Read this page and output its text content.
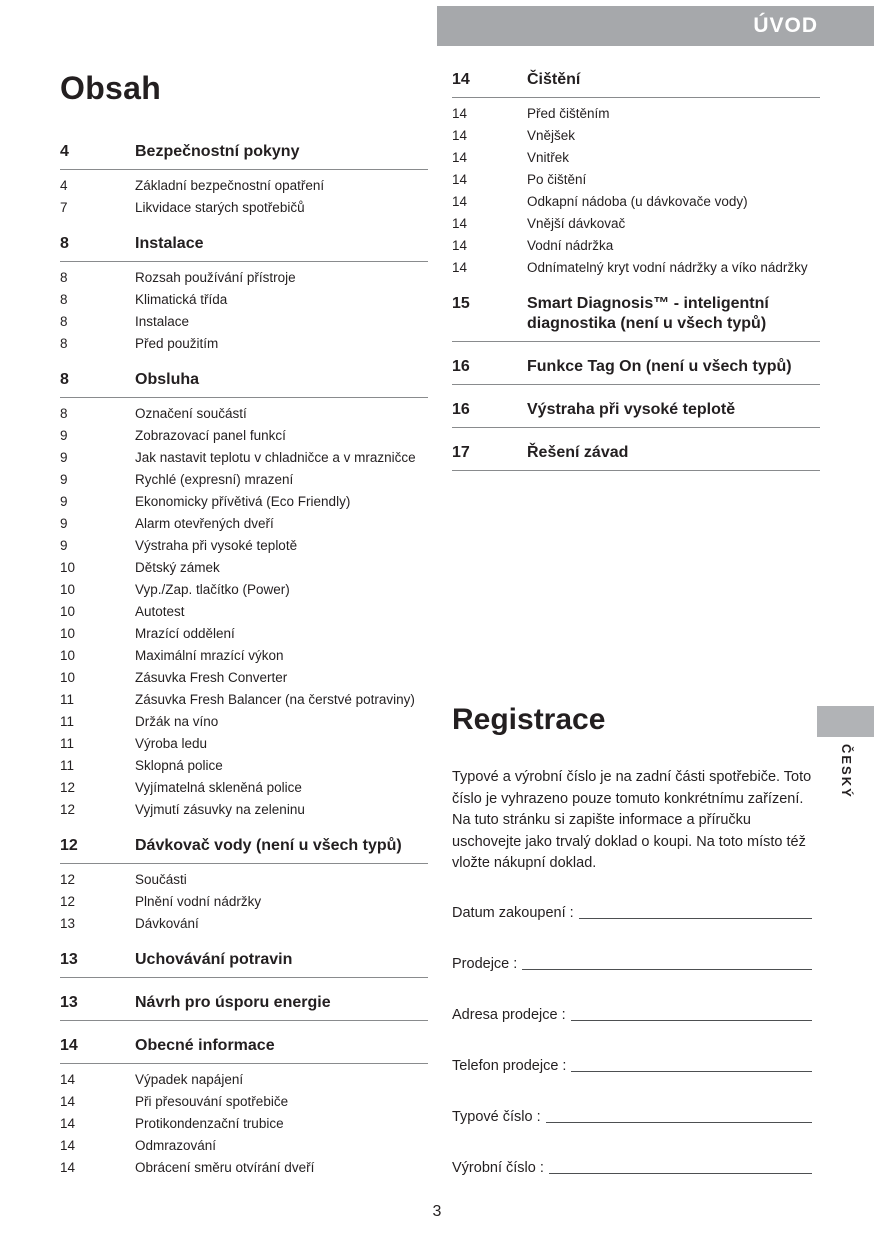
ÚVOD
Obsah
4	Bezpečnostní pokyny
4	Základní bezpečnostní opatření
7	Likvidace starých spotřebičů
8	Instalace
8	Rozsah používání přístroje
8	Klimatická třída
8	Instalace
8	Před použitím
8	Obsluha
8	Označení součástí
9	Zobrazovací panel funkcí
9	Jak nastavit teplotu v chladničce a v mrazničce
9	Rychlé (expresní) mrazení
9	Ekonomicky přívětivá (Eco Friendly)
9	Alarm otevřených dveří
9	Výstraha při vysoké teplotě
10	Dětský zámek
10	Vyp./Zap. tlačítko (Power)
10	Autotest
10	Mrazící oddělení
10	Maximální mrazící výkon
10	Zásuvka Fresh Converter
11	Zásuvka Fresh Balancer (na čerstvé potraviny)
11	Držák na víno
11	Výroba ledu
11	Sklopná police
12	Vyjímatelná skleněná police
12	Vyjmutí zásuvky na zeleninu
12	Dávkovač vody (není u všech typů)
12	Součásti
12	Plnění vodní nádržky
13	Dávkování
13	Uchovávání potravin
13	Návrh pro úsporu energie
14	Obecné informace
14	Výpadek napájení
14	Při přesouvání spotřebiče
14	Protikondenzační trubice
14	Odmrazování
14	Obrácení směru otvírání dveří
14	Čištění
14	Před čištěním
14	Vnějšek
14	Vnitřek
14	Po čištění
14	Odkapní nádoba (u dávkovače vody)
14	Vnější dávkovač
14	Vodní nádržka
14	Odnímatelný kryt vodní nádržky a víko nádržky
15	Smart Diagnosis™ - inteligentní diagnostika (není u všech typů)
16	Funkce Tag On (není u všech typů)
16	Výstraha při vysoké teplotě
17	Řešení závad
Registrace

Typové a výrobní číslo je na zadní části spotřebiče. Toto číslo je vyhrazeno pouze tomuto konkrétnímu zařízení. Na tuto stránku si zapište informace a příručku uschovejte jako trvalý doklad o koupi. Na toto místo též vložte nákupní doklad.

Datum zakoupení :
Prodejce :
Adresa prodejce :
Telefon prodejce :
Typové číslo :
Výrobní číslo :
ČESKÝ
3
